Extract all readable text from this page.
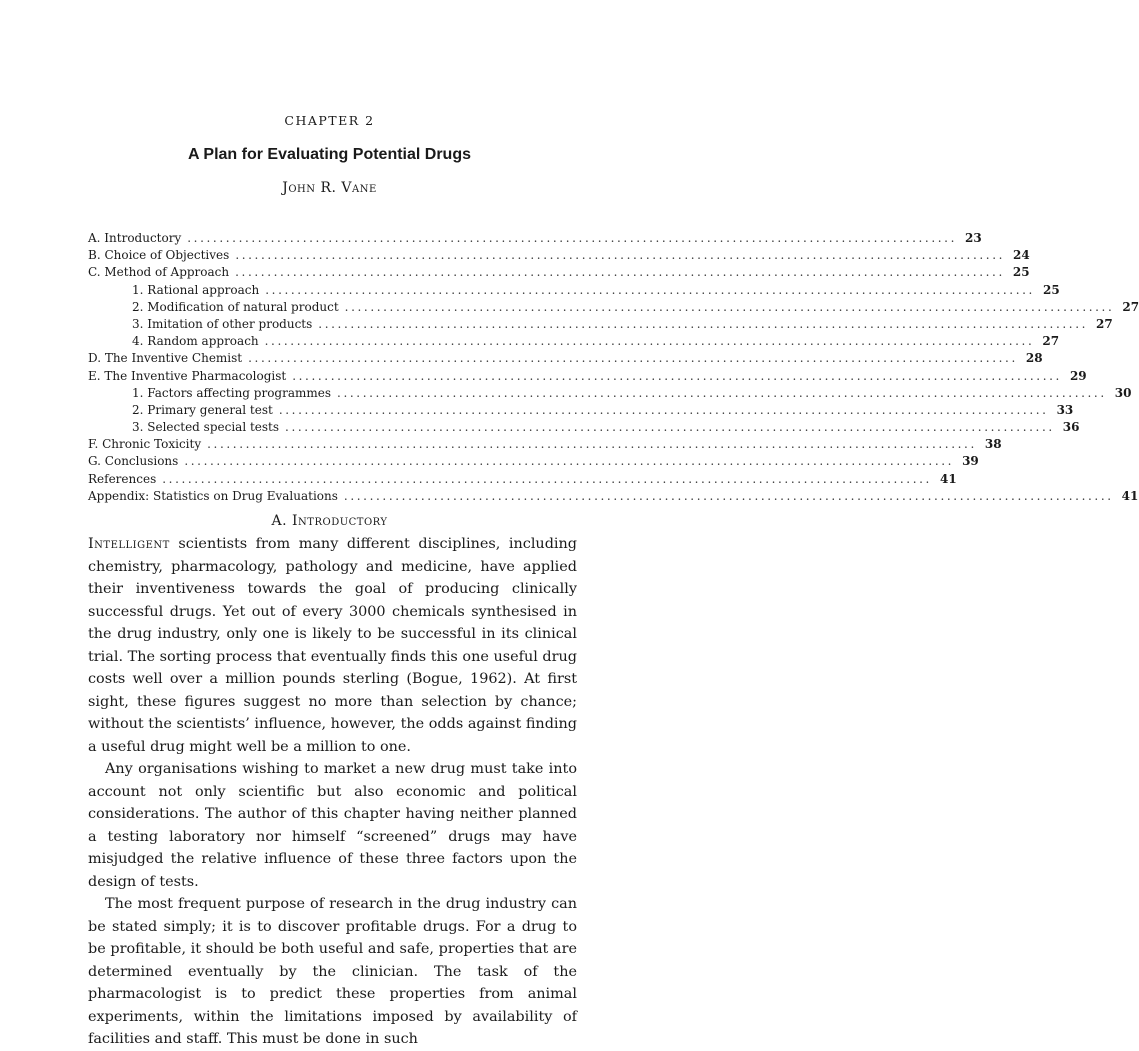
CHAPTER 2
A Plan for Evaluating Potential Drugs
John R. Vane
A. Introductory ........................................................................................................................ 23
B. Choice of Objectives ........................................................................................................................ 24
C. Method of Approach ........................................................................................................................ 25
1. Rational approach ........................................................................................................................ 25
2. Modification of natural product ........................................................................................................................ 27
3. Imitation of other products ........................................................................................................................ 27
4. Random approach ........................................................................................................................ 27
D. The Inventive Chemist ........................................................................................................................ 28
E. The Inventive Pharmacologist ........................................................................................................................ 29
1. Factors affecting programmes ........................................................................................................................ 30
2. Primary general test ........................................................................................................................ 33
3. Selected special tests ........................................................................................................................ 36
F. Chronic Toxicity ........................................................................................................................ 38
G. Conclusions ........................................................................................................................ 39
References ........................................................................................................................ 41
Appendix: Statistics on Drug Evaluations ........................................................................................................................ 41
A. Introductory

Intelligent scientists from many different disciplines, including chemistry, pharmacology, pathology and medicine, have applied their inventiveness towards the goal of producing clinically successful drugs. Yet out of every 3000 chemicals synthesised in the drug industry, only one is likely to be successful in its clinical trial. The sorting process that eventually finds this one useful drug costs well over a million pounds sterling (Bogue, 1962). At first sight, these figures suggest no more than selection by chance; without the scientists’ influence, however, the odds against finding a useful drug might well be a million to one.

Any organisations wishing to market a new drug must take into account not only scientific but also economic and political considerations. The author of this chapter having neither planned a testing laboratory nor himself “screened” drugs may have misjudged the relative influence of these three factors upon the design of tests.

The most frequent purpose of research in the drug industry can be stated simply; it is to discover profitable drugs. For a drug to be profitable, it should be both useful and safe, properties that are determined eventually by the clinician. The task of the pharmacologist is to predict these properties from animal experiments, within the limitations imposed by availability of facilities and staff. This must be done in such
